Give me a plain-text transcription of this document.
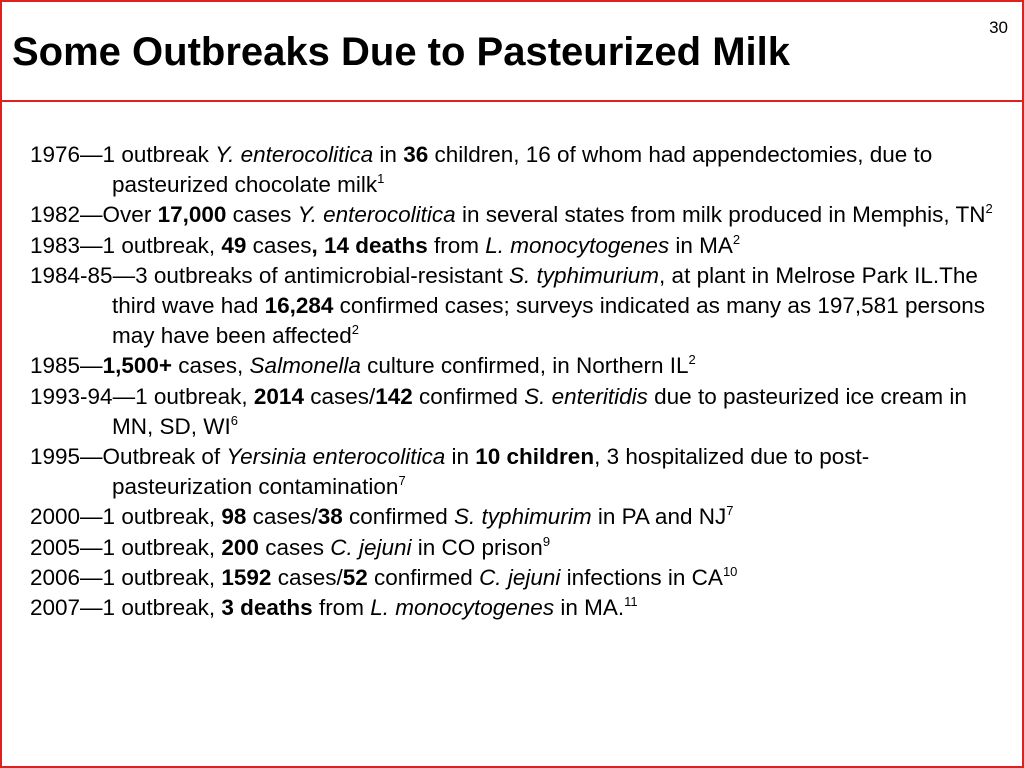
Some Outbreaks Due to Pasteurized Milk
30

1976—1 outbreak Y. enterocolitica in 36 children, 16 of whom had appendectomies, due to pasteurized chocolate milk$^1$

1982—Over 17,000 cases Y. enterocolitica in several states from milk produced in Memphis, $TN^2$

1983—1 outbreak, 49 cases, 14 deaths from L. monocytogenes in $MA^2$

1984-85—3 outbreaks of antimicrobial-resistant S. typhimurium, at plant in Melrose Park IL.The third wave had 16,284 confirmed cases; surveys indicated as many as 197,581 persons may have been affected$^2$

1985—1,500+ cases, Salmonella culture confirmed, in Northern $IL^2$

1993-94—1 outbreak, 2014 cases/142 confirmed S. enteritidis due to pasteurized ice cream in MN, SD, $WI^6$

1995—Outbreak of Yersinia enterocolitica in 10 children, 3 hospitalized due to post-pasteurization contamination$^7$

2000—1 outbreak, 98 cases/38 confirmed S. typhimurim in PA and $NJ^7$

2005—1 outbreak, 200 cases C. jejuni in CO prison$^9$

2006—1 outbreak, 1592 cases/52 confirmed C. jejuni infections in CA$^{10}$

2007—1 outbreak, 3 deaths from L. monocytogenes in MA.$^{11}$
